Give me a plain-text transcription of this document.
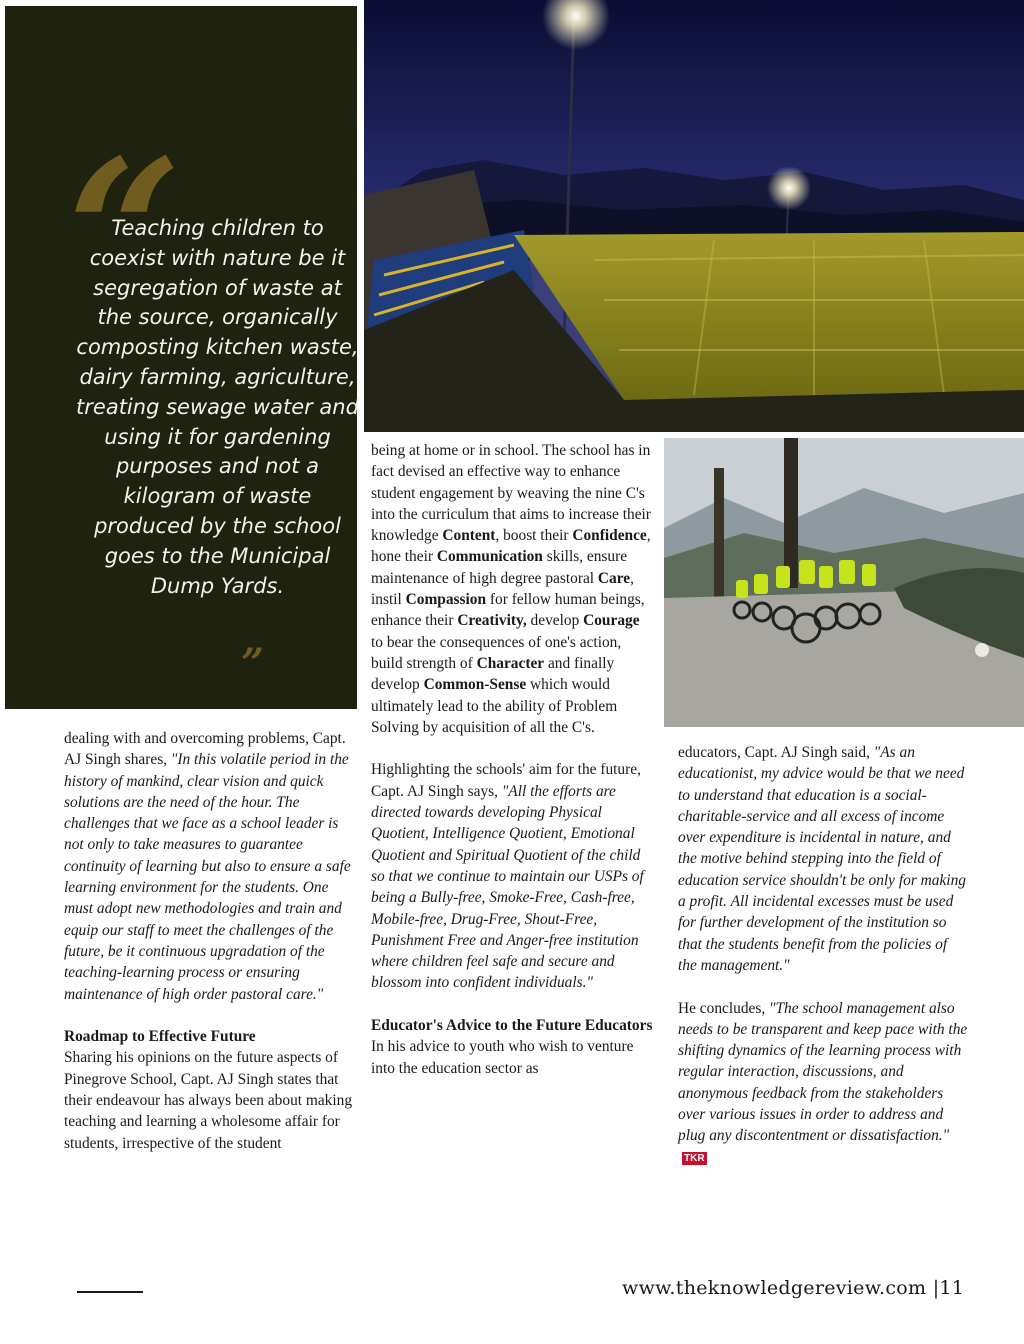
“
Teaching children to coexist with nature be it segregation of waste at the source, organically composting kitchen waste, dairy farming, agriculture, treating sewage water and using it for gardening purposes and not a kilogram of waste produced by the school goes to the Municipal Dump Yards.
”

dealing with and overcoming problems, Capt. AJ Singh shares, "In this volatile period in the history of mankind, clear vision and quick solutions are the need of the hour. The challenges that we face as a school leader is not only to take measures to guarantee continuity of learning but also to ensure a safe learning environment for the students. One must adopt new methodologies and train and equip our staff to meet the challenges of the future, be it continuous upgradation of the teaching-learning process or ensuring maintenance of high order pastoral care."

Roadmap to Effective Future

Sharing his opinions on the future aspects of Pinegrove School, Capt. AJ Singh states that their endeavour has always been about making teaching and learning a wholesome affair for students, irrespective of the student

being at home or in school. The school has in fact devised an effective way to enhance student engagement by weaving the nine C's into the curriculum that aims to increase their knowledge Content, boost their Confidence, hone their Communication skills, ensure maintenance of high degree pastoral Care, instil Compassion for fellow human beings, enhance their Creativity, develop Courage to bear the consequences of one's action, build strength of Character and finally develop Common-Sense which would ultimately lead to the ability of Problem Solving by acquisition of all the C's.

Highlighting the schools' aim for the future, Capt. AJ Singh says, "All the efforts are directed towards developing Physical Quotient, Intelligence Quotient, Emotional Quotient and Spiritual Quotient of the child so that we continue to maintain our USPs of being a Bully-free, Smoke-Free, Cash-free, Mobile-free, Drug-Free, Shout-Free, Punishment Free and Anger-free institution where children feel safe and secure and blossom into confident individuals."

Educator's Advice to the Future Educators

In his advice to youth who wish to venture into the education sector as

educators, Capt. AJ Singh said, "As an educationist, my advice would be that we need to understand that education is a social-charitable-service and all excess of income over expenditure is incidental in nature, and the motive behind stepping into the field of education service shouldn't be only for making a profit. All incidental excesses must be used for further development of the institution so that the students benefit from the policies of the management."

He concludes, "The school management also needs to be transparent and keep pace with the shifting dynamics of the learning process with regular interaction, discussions, and anonymous feedback from the stakeholders over various issues in order to address and plug any discontentment or dissatisfaction."TKR

www.theknowledgereview.com |11
